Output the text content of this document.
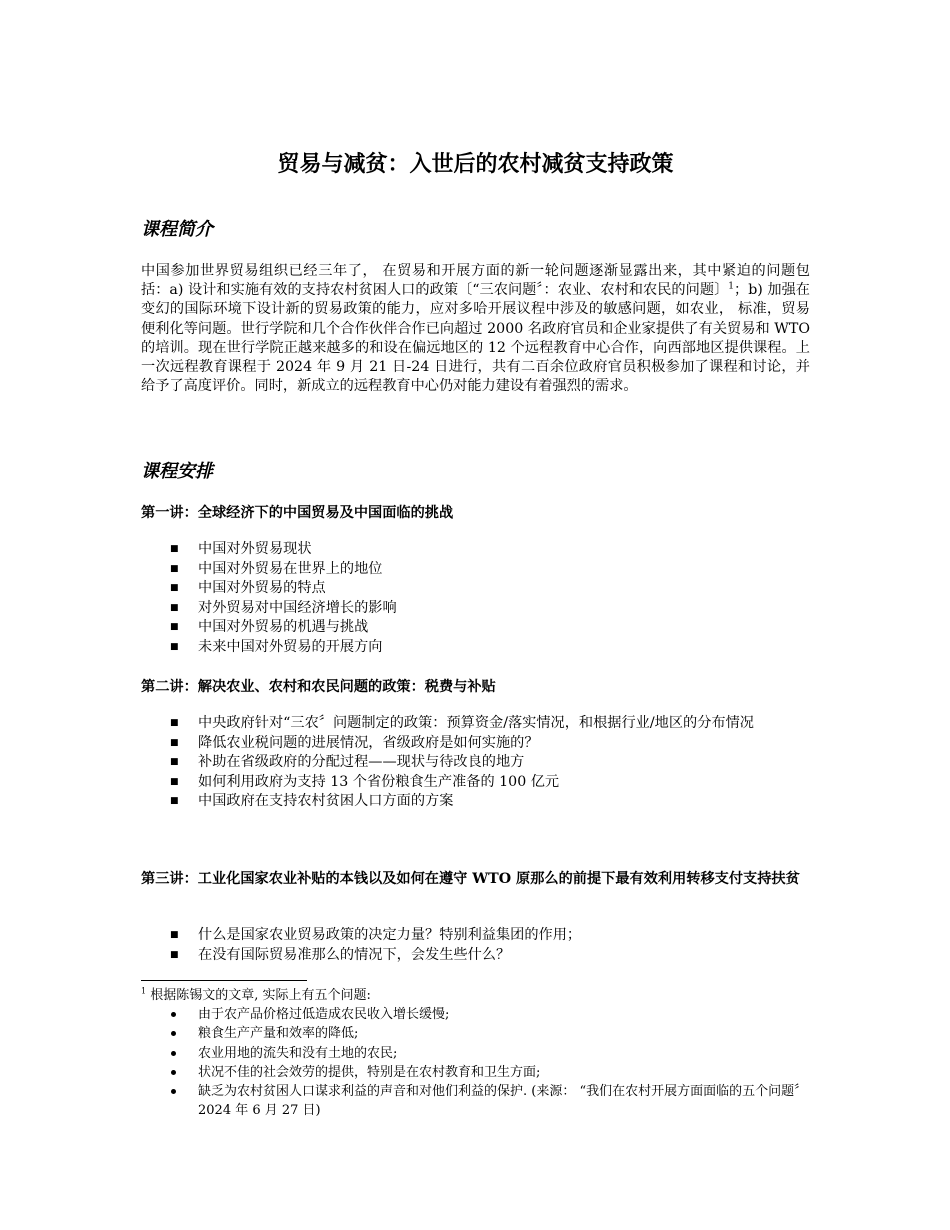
贸易与减贫：入世后的农村减贫支持政策
课程简介

中国参加世界贸易组织已经三年了， 在贸易和开展方面的新一轮问题逐渐显露出来，其中紧迫的问题包括：a) 设计和实施有效的支持农村贫困人口的政策〔“三农问题〞：农业、农村和农民的问题〕$^1$；b) 加强在变幻的国际环境下设计新的贸易政策的能力，应对多哈开展议程中涉及的敏感问题，如农业， 标准，贸易便利化等问题。世行学院和几个合作伙伴合作已向超过 2000 名政府官员和企业家提供了有关贸易和 WTO 的培训。现在世行学院正越来越多的和设在偏远地区的 12 个远程教育中心合作，向西部地区提供课程。上一次远程教育课程于 2024 年 9 月 21 日-24 日进行，共有二百余位政府官员积极参加了课程和讨论，并给予了高度评价。同时，新成立的远程教育中心仍对能力建设有着强烈的需求。

课程安排
第一讲：全球经济下的中国贸易及中国面临的挑战
■ 中国对外贸易现状
■ 中国对外贸易在世界上的地位
■ 中国对外贸易的特点
■ 对外贸易对中国经济增长的影响
■ 中国对外贸易的机遇与挑战
■ 未来中国对外贸易的开展方向
第二讲：解决农业、农村和农民问题的政策：税费与补贴
■ 中央政府针对“三农〞问题制定的政策：预算资金/落实情况，和根据行业/地区的分布情况
■ 降低农业税问题的进展情况，省级政府是如何实施的？
■ 补助在省级政府的分配过程——现状与待改良的地方
■ 如何利用政府为支持 13 个省份粮食生产准备的 100 亿元
■ 中国政府在支持农村贫困人口方面的方案
第三讲：工业化国家农业补贴的本钱以及如何在遵守 WTO 原那么的前提下最有效利用转移支付支持扶贫
■ 什么是国家农业贸易政策的决定力量？特别利益集团的作用；
■ 在没有国际贸易准那么的情况下，会发生些什么？
$^1$ 根据陈锡文的文章, 实际上有五个问题:
由于农产品价格过低造成农民收入增长缓慢;
粮食生产产量和效率的降低;
农业用地的流失和没有土地的农民;
状况不佳的社会效劳的提供，特别是在农村教育和卫生方面;
缺乏为农村贫困人口谋求利益的声音和对他们利益的保护. (来源： “我们在农村开展方面面临的五个问题〞 2024 年 6 月 27 日)
